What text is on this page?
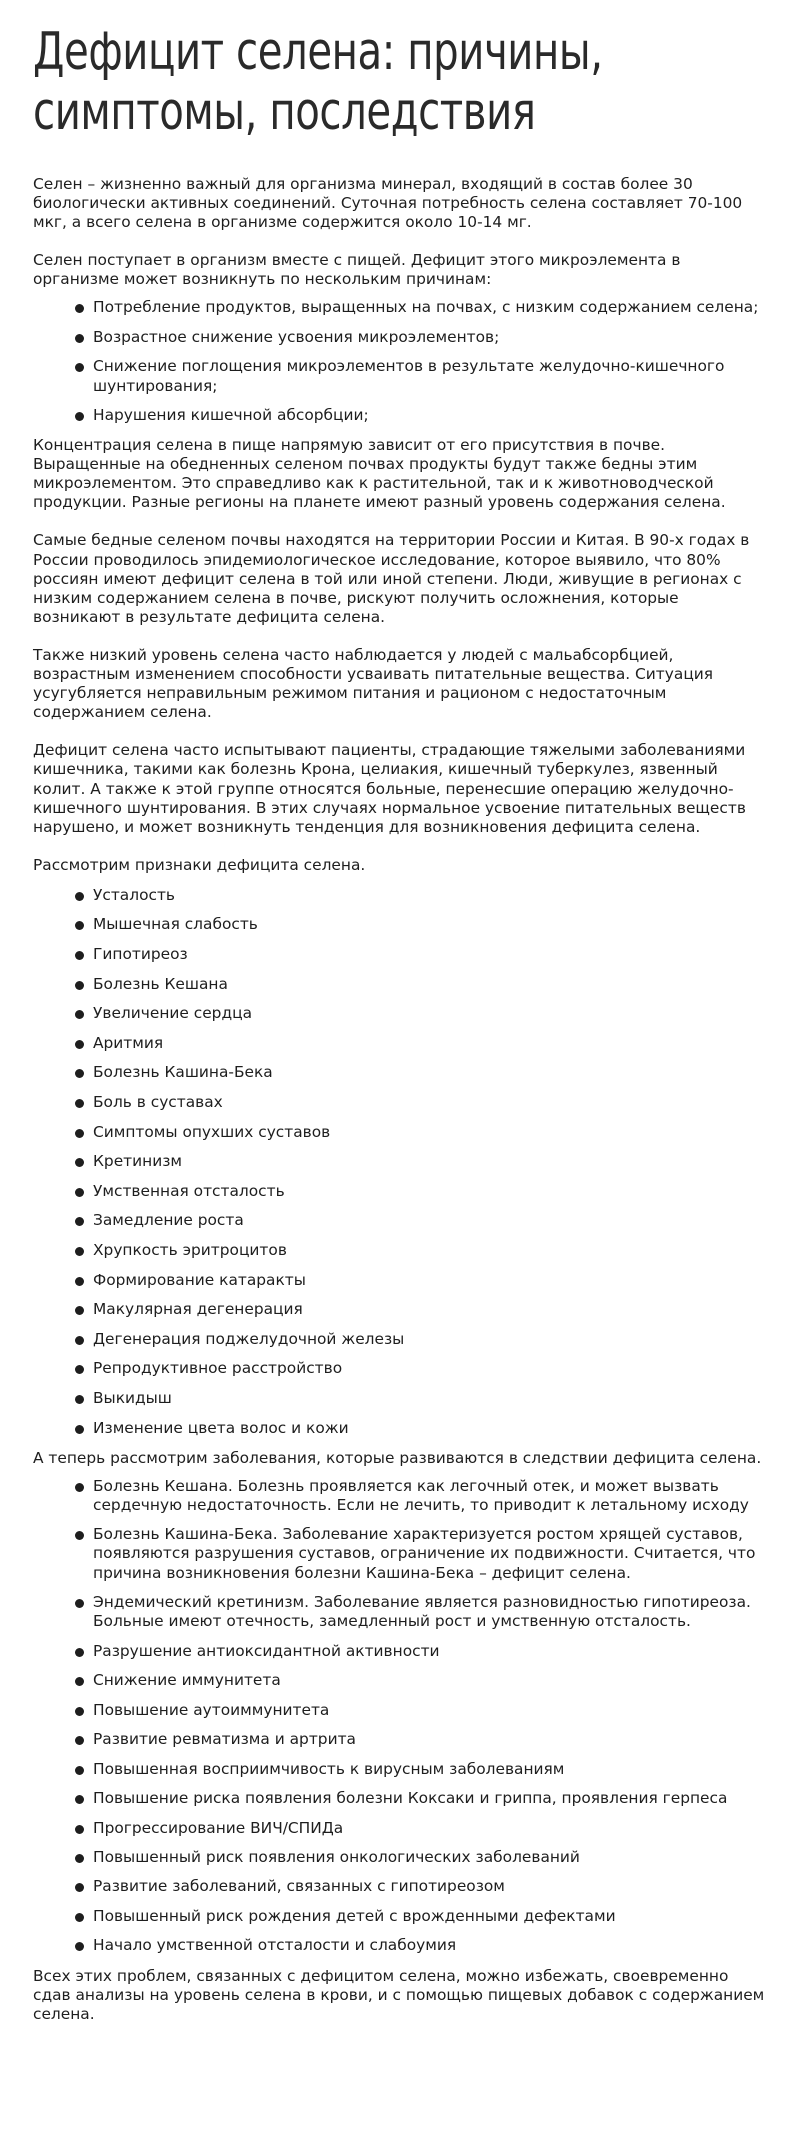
Дефицит селена: причины, симптомы, последствия

Селен – жизненно важный для организма минерал, входящий в состав более 30 биологически активных соединений. Суточная потребность селена составляет 70-100 мкг, а всего селена в организме содержится около 10-14 мг.

Селен поступает в организм вместе с пищей. Дефицит этого микроэлемента в организме может возникнуть по нескольким причинам:

Потребление продуктов, выращенных на почвах, с низким содержанием селена;
Возрастное снижение усвоения микроэлементов;
Снижение поглощения микроэлементов в результате желудочно-кишечного шунтирования;
Нарушения кишечной абсорбции;

Концентрация селена в пище напрямую зависит от его присутствия в почве. Выращенные на обедненных селеном почвах продукты будут также бедны этим микроэлементом. Это справедливо как к растительной, так и к животноводческой продукции. Разные регионы на планете имеют разный уровень содержания селена.

Самые бедные селеном почвы находятся на территории России и Китая. В 90-х годах в России проводилось эпидемиологическое исследование, которое выявило, что 80% россиян имеют дефицит селена в той или иной степени. Люди, живущие в регионах с низким содержанием селена в почве, рискуют получить осложнения, которые возникают в результате дефицита селена.

Также низкий уровень селена часто наблюдается у людей с мальабсорбцией, возрастным изменением способности усваивать питательные вещества. Ситуация усугубляется неправильным режимом питания и рационом с недостаточным содержанием селена.

Дефицит селена часто испытывают пациенты, страдающие тяжелыми заболеваниями кишечника, такими как болезнь Крона, целиакия, кишечный туберкулез, язвенный колит. А также к этой группе относятся больные, перенесшие операцию желудочно-кишечного шунтирования. В этих случаях нормальное усвоение питательных веществ нарушено, и может возникнуть тенденция для возникновения дефицита селена.

Рассмотрим признаки дефицита селена.

Усталость
Мышечная слабость
Гипотиреоз
Болезнь Кешана
Увеличение сердца
Аритмия
Болезнь Кашина-Бека
Боль в суставах
Симптомы опухших суставов
Кретинизм
Умственная отсталость
Замедление роста
Хрупкость эритроцитов
Формирование катаракты
Макулярная дегенерация
Дегенерация поджелудочной железы
Репродуктивное расстройство
Выкидыш
Изменение цвета волос и кожи

А теперь рассмотрим заболевания, которые развиваются в следствии дефицита селена.

Болезнь Кешана. Болезнь проявляется как легочный отек, и может вызвать сердечную недостаточность. Если не лечить, то приводит к летальному исходу
Болезнь Кашина-Бека. Заболевание характеризуется ростом хрящей суставов, появляются разрушения суставов, ограничение их подвижности. Считается, что причина возникновения болезни Кашина-Бека – дефицит селена.
Эндемический кретинизм. Заболевание является разновидностью гипотиреоза. Больные имеют отечность, замедленный рост и умственную отсталость.
Разрушение антиоксидантной активности
Снижение иммунитета
Повышение аутоиммунитета
Развитие ревматизма и артрита
Повышенная восприимчивость к вирусным заболеваниям
Повышение риска появления болезни Коксаки и гриппа, проявления герпеса
Прогрессирование ВИЧ/СПИДа
Повышенный риск появления онкологических заболеваний
Развитие заболеваний, связанных с гипотиреозом
Повышенный риск рождения детей с врожденными дефектами
Начало умственной отсталости и слабоумия

Всех этих проблем, связанных с дефицитом селена, можно избежать, своевременно сдав анализы на уровень селена в крови, и с помощью пищевых добавок с содержанием селена.
